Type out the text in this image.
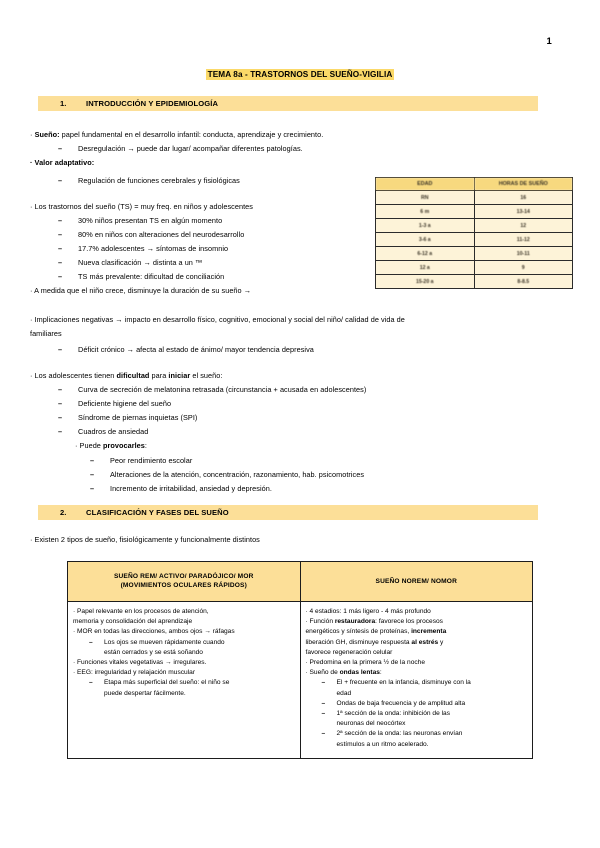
1
TEMA 8a - TRASTORNOS DEL SUEÑO-VIGILIA
1.	INTRODUCCIÓN Y EPIDEMIOLOGÍA
· Sueño: papel fundamental en el desarrollo infantil: conducta, aprendizaje y crecimiento.
– Desregulación → puede dar lugar/ acompañar diferentes patologías.
· Valor adaptativo:
– Regulación de funciones cerebrales y fisiológicas
· Los trastornos del sueño (TS) = muy freq. en niños y adolescentes
– 30% niños presentan TS en algún momento
– 80% en niños con alteraciones del neurodesarrollo
– 17.7% adolescentes → síntomas de insomnio
– Nueva clasificación → distinta a un ™
– TS más prevalente: dificultad de conciliación
· A medida que el niño crece, disminuye la duración de su sueño →
EDAD	HORAS DE SUEÑO
RN	16
6 m	13-14
1-3 a	12
3-6 a	11-12
6-12 a	10-11
12 a	9
15-20 a	8-8.5
· Implicaciones negativas → impacto en desarrollo físico, cognitivo, emocional y social del niño/ calidad de vida de
familiares
– Déficit crónico → afecta al estado de ánimo/ mayor tendencia depresiva
· Los adolescentes tienen dificultad para iniciar el sueño:
– Curva de secreción de melatonina retrasada (circunstancia + acusada en adolescentes)
– Deficiente higiene del sueño
– Síndrome de piernas inquietas (SPI)
– Cuadros de ansiedad
· Puede provocarles:
– Peor rendimiento escolar
– Alteraciones de la atención, concentración, razonamiento, hab. psicomotrices
– Incremento de irritabilidad, ansiedad y depresión.
2.	CLASIFICACIÓN Y FASES DEL SUEÑO
· Existen 2 tipos de sueño, fisiológicamente y funcionalmente distintos
SUEÑO REM/ ACTIVO/ PARADÓJICO/ MOR
(MOVIMIENTOS OCULARES RÁPIDOS)	SUEÑO NOREM/ NOMOR

· Papel relevante en los procesos de atención,
memoria y consolidación del aprendizaje
· MOR en todas las direcciones, ambos ojos → ráfagas
– Los ojos se mueven rápidamente cuando
están cerrados y se está soñando
· Funciones vitales vegetativas → irregulares.
· EEG: irregularidad y relajación muscular
– Etapa más superficial del sueño: el niño se
puede despertar fácilmente.

· 4 estadios: 1 más ligero - 4 más profundo
· Función restauradora: favorece los procesos
energéticos y síntesis de proteínas, incrementa
liberación GH, disminuye respuesta al estrés y
favorece regeneración celular
· Predomina en la primera ½ de la noche
· Sueño de ondas lentas:
– El + frecuente en la infancia, disminuye con la
edad
– Ondas de baja frecuencia y de amplitud alta
– 1ª sección de la onda: inhibición de las
neuronas del neocórtex
– 2ª sección de la onda: las neuronas envían
estímulos a un ritmo acelerado.
